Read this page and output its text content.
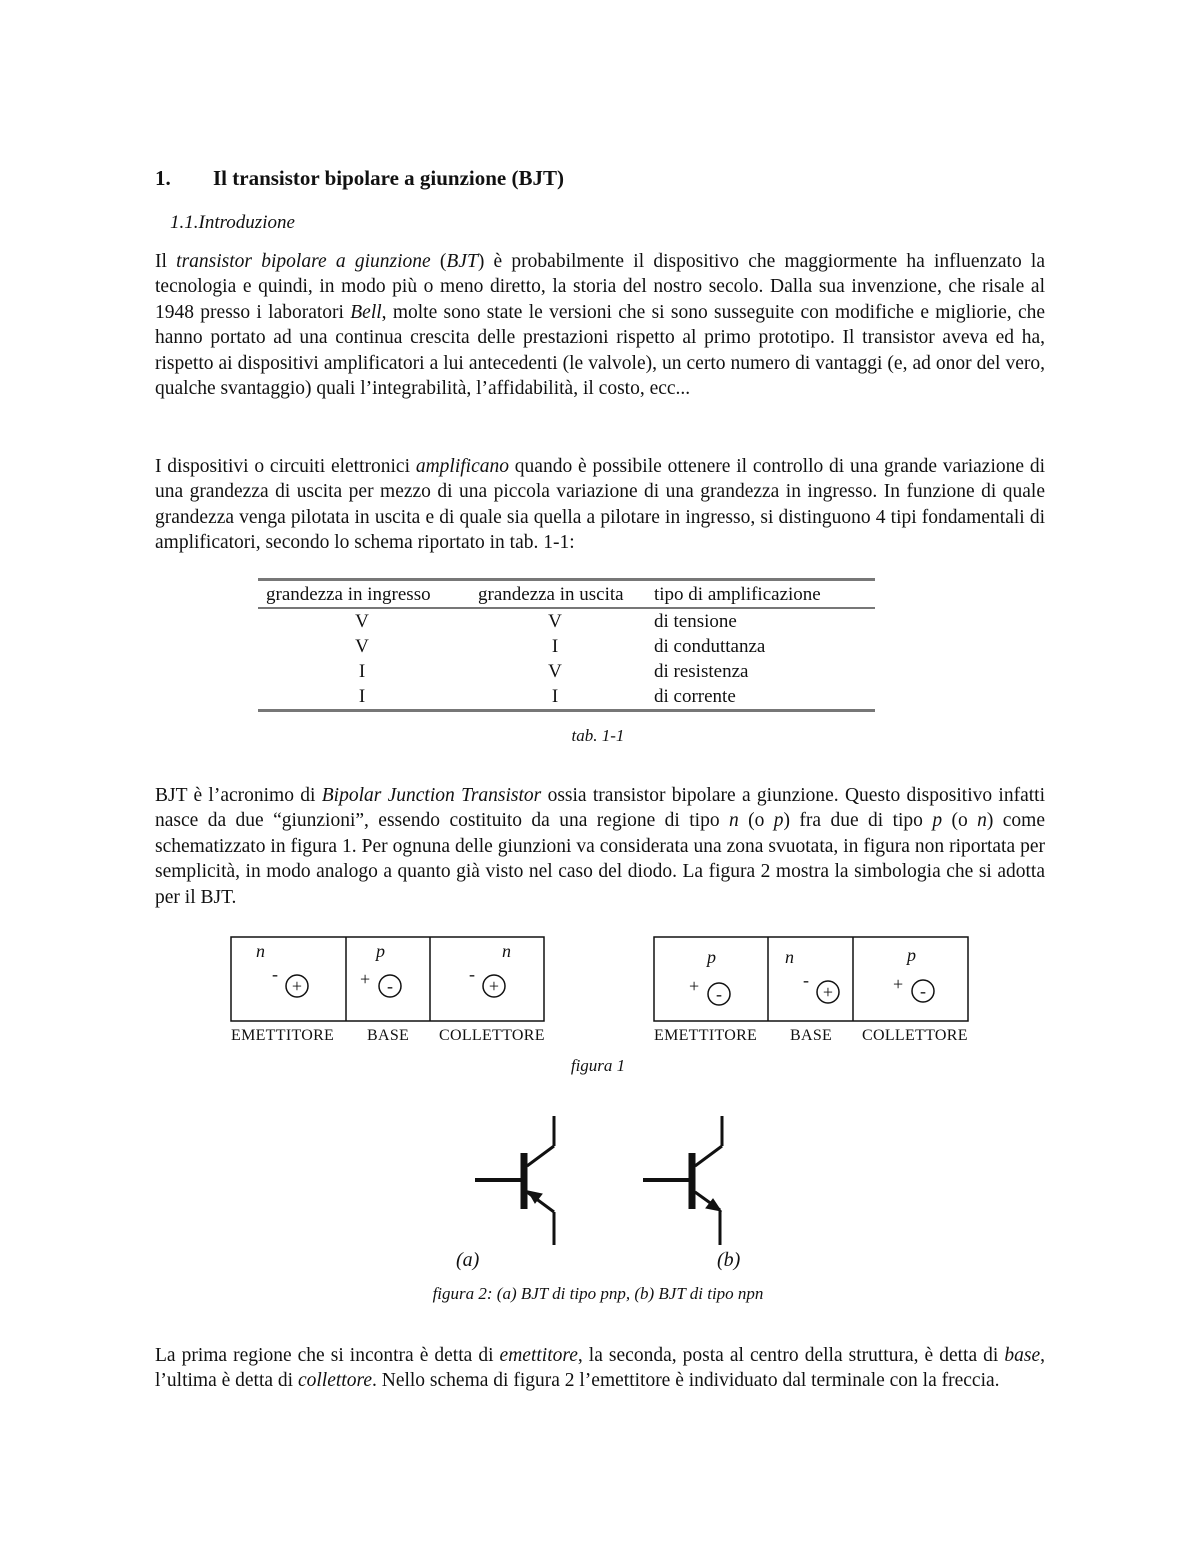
1. Il transistor bipolare a giunzione (BJT)
1.1.Introduzione

Il transistor bipolare a giunzione (BJT) è probabilmente il dispositivo che maggiormente ha influenzato la tecnologia e quindi, in modo più o meno diretto, la storia del nostro secolo. Dalla sua invenzione, che risale al 1948 presso i laboratori Bell, molte sono state le versioni che si sono susseguite con modifiche e migliorie, che hanno portato ad una continua crescita delle prestazioni rispetto al primo prototipo. Il transistor aveva ed ha, rispetto ai dispositivi amplificatori a lui antecedenti (le valvole), un certo numero di vantaggi (e, ad onor del vero, qualche svantaggio) quali l’integrabilità, l’affidabilità, il costo, ecc...

I dispositivi o circuiti elettronici amplificano quando è possibile ottenere il controllo di una grande variazione di una grandezza di uscita per mezzo di una piccola variazione di una grandezza in ingresso. In funzione di quale grandezza venga pilotata in uscita e di quale sia quella a pilotare in ingresso, si distinguono 4 tipi fondamentali di amplificatori, secondo lo schema riportato in tab. 1-1:

grandezza in ingresso	grandezza in uscita	tipo di amplificazione
V	V	di tensione
V	I	di conduttanza
I	V	di resistenza
I	I	di corrente
tab. 1-1

BJT è l’acronimo di Bipolar Junction Transistor ossia transistor bipolare a giunzione. Questo dispositivo infatti nasce da due “giunzioni”, essendo costituito da una regione di tipo n (o p) fra due di tipo p (o n) come schematizzato in figura 1. Per ognuna delle giunzioni va considerata una zona svuotata, in figura non riportata per semplicità, in modo analogo a quanto già visto nel caso del diodo. La figura 2 mostra la simbologia che si adotta per il BJT.

n	p	n
-
+	+ -
-
+
p	n	p
+ -
-
+	+ -
EMETTITORE BASE COLLETTORE	EMETTITORE BASE COLLETTORE
figura 1
(a)	(b)
figura 2: (a) BJT di tipo pnp, (b) BJT di tipo npn

La prima regione che si incontra è detta di emettitore, la seconda, posta al centro della struttura, è detta di base, l’ultima è detta di collettore. Nello schema di figura 2 l’emettitore è individuato dal terminale con la freccia.
